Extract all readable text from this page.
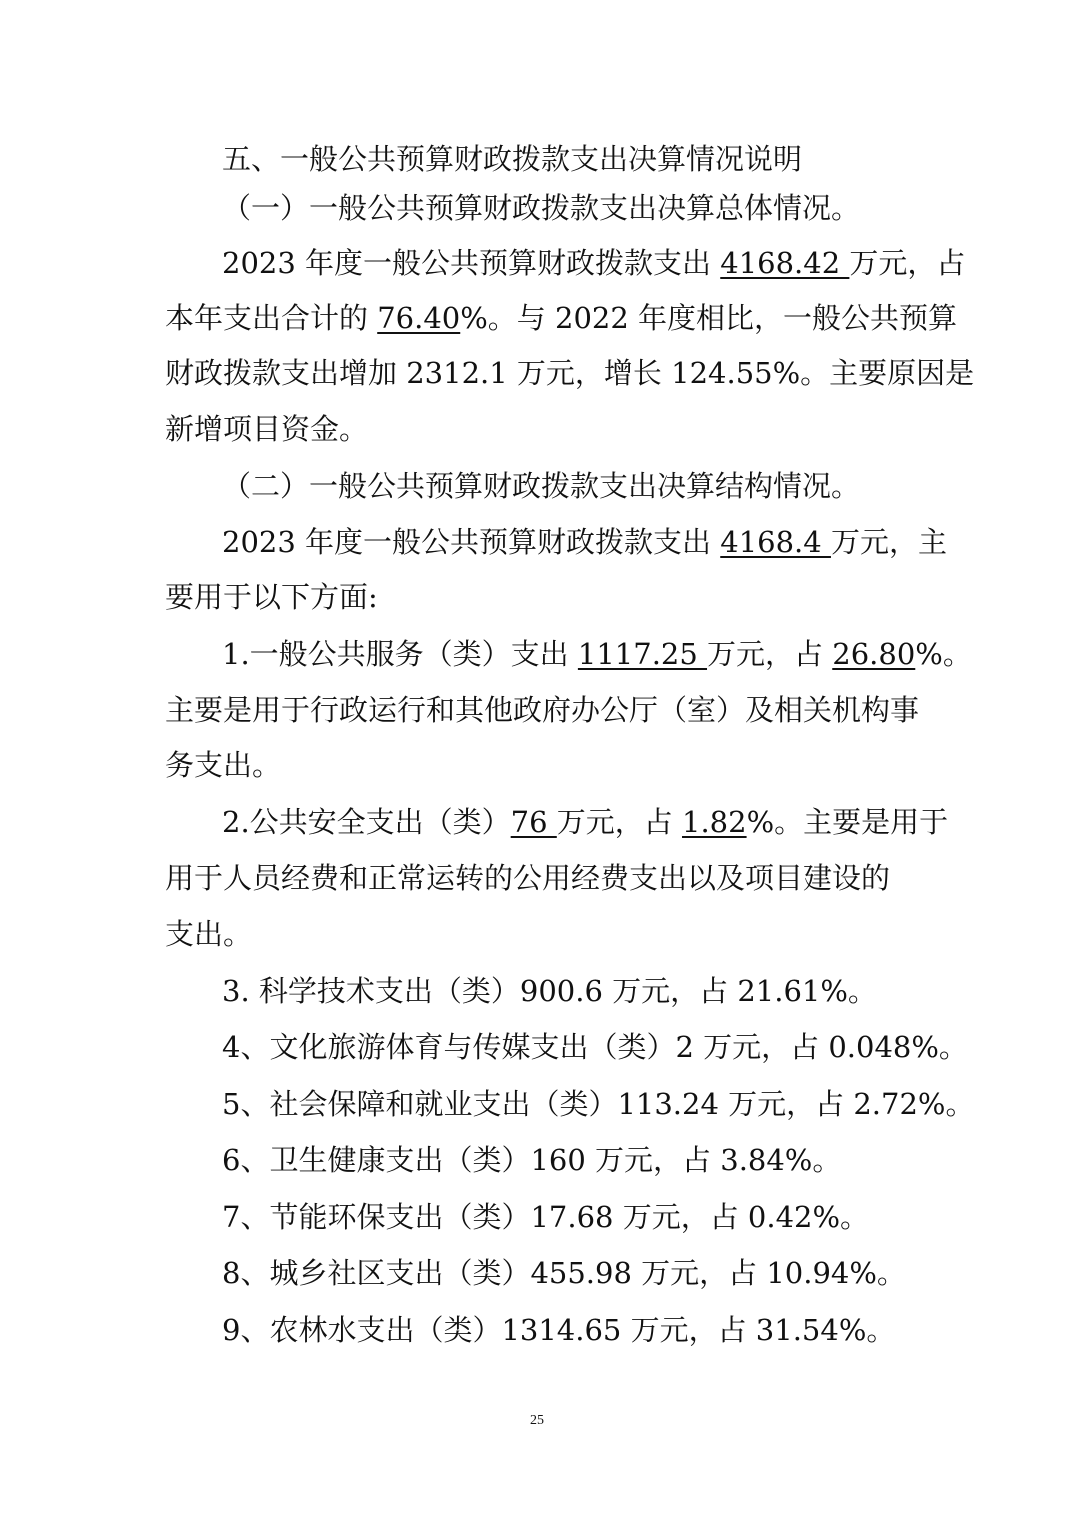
五、一般公共预算财政拨款支出决算情况说明
（一）一般公共预算财政拨款支出决算总体情况。
2023 年度一般公共预算财政拨款支出 4168.42 万元，占
本年支出合计的 76.40%。与 2022 年度相比，一般公共预算
财政拨款支出增加 2312.1 万元，增长 124.55%。主要原因是
新增项目资金。
（二）一般公共预算财政拨款支出决算结构情况。
2023 年度一般公共预算财政拨款支出 4168.4 万元，主
要用于以下方面:
1.一般公共服务（类）支出 1117.25 万元，占 26.80%。
主要是用于行政运行和其他政府办公厅（室）及相关机构事
务支出。
2.公共安全支出（类）76 万元，占 1.82%。主要是用于
用于人员经费和正常运转的公用经费支出以及项目建设的
支出。
3. 科学技术支出（类）900.6 万元，占 21.61%。
4、文化旅游体育与传媒支出（类）2 万元，占 0.048%。
5、社会保障和就业支出（类）113.24 万元，占 2.72%。
6、卫生健康支出（类）160 万元，占 3.84%。
7、节能环保支出（类）17.68 万元，占 0.42%。
8、城乡社区支出（类）455.98 万元，占 10.94%。
9、农林水支出（类）1314.65 万元，占 31.54%。
25
